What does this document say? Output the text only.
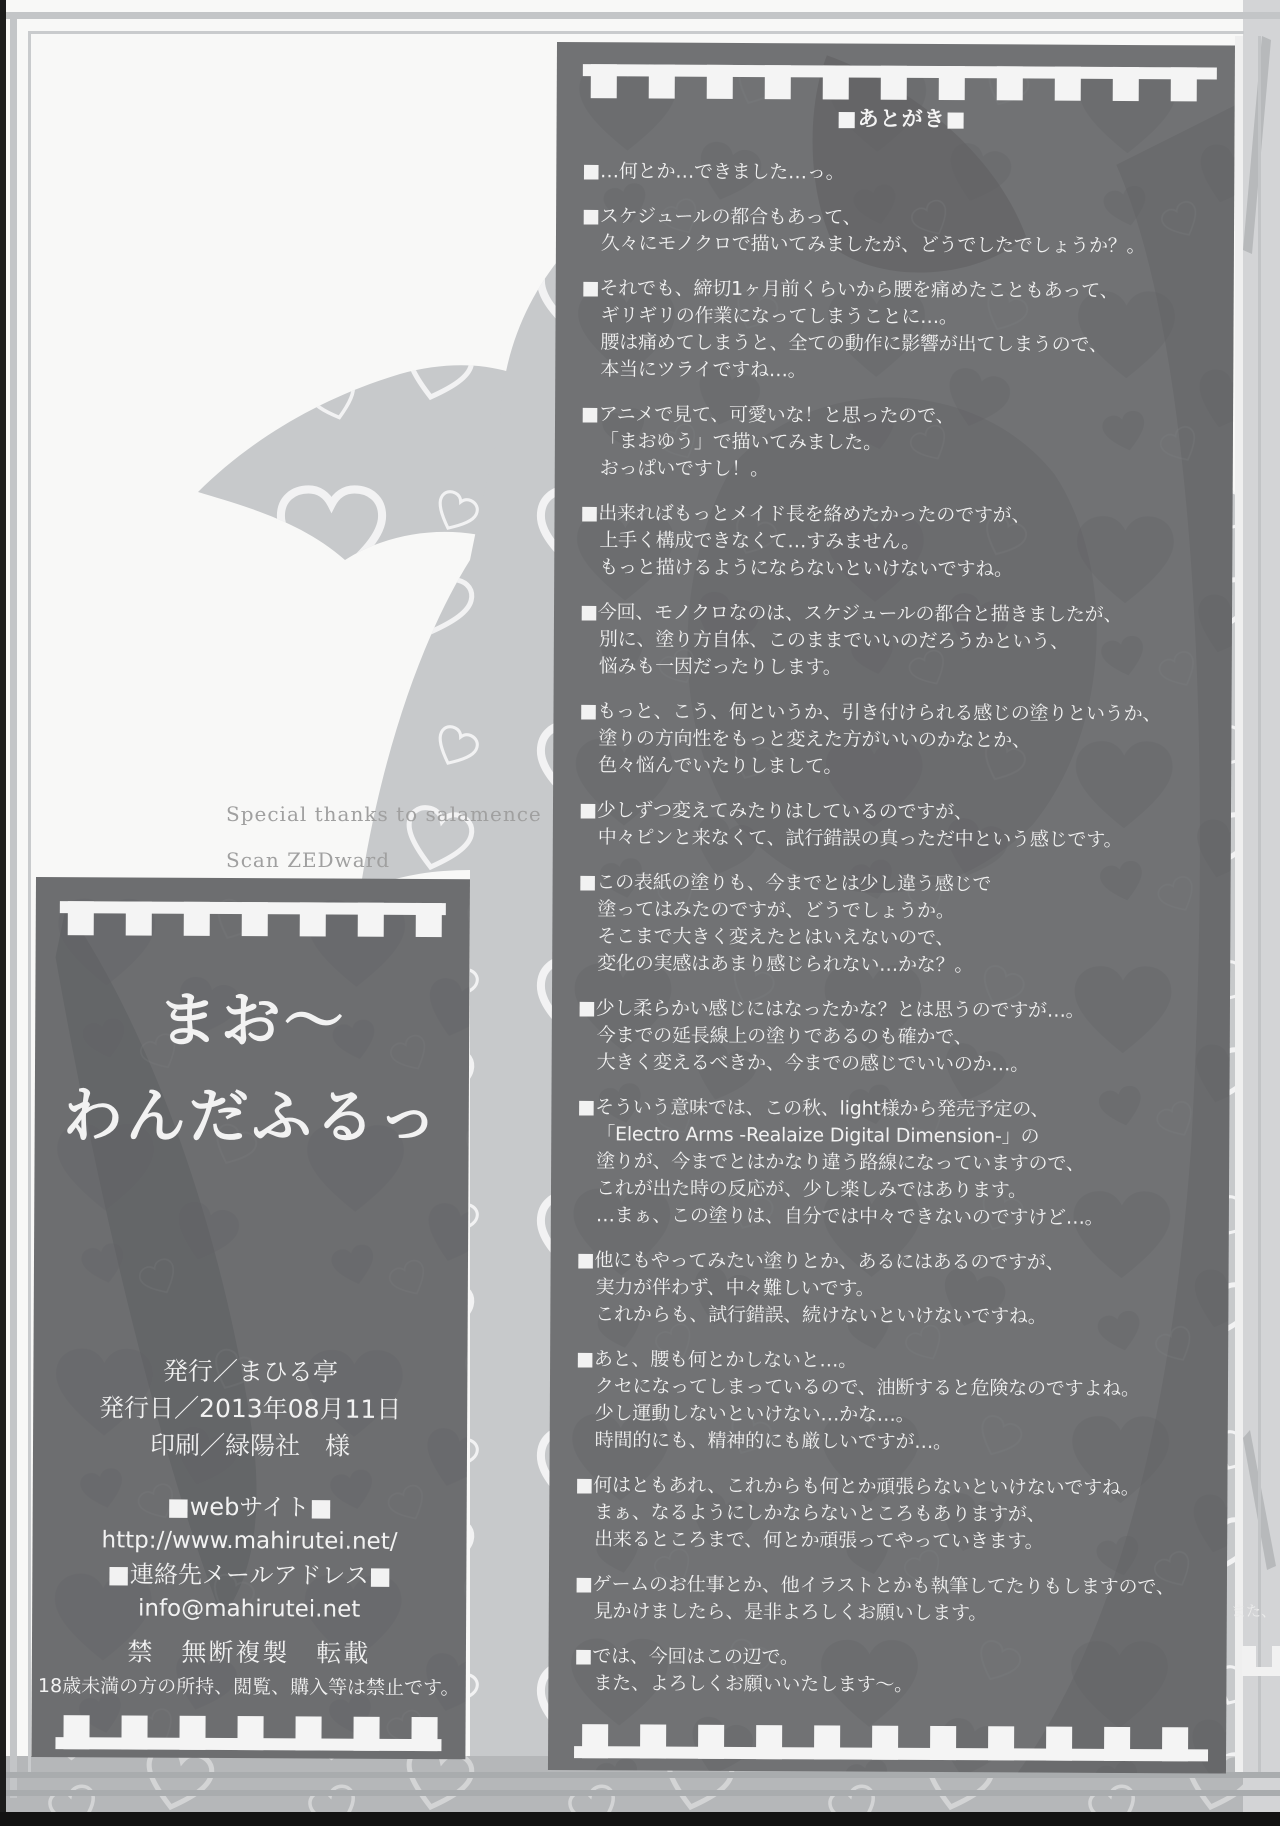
Special thanks to salamence
Scan ZEDward
また、
■あとがき■

■…何とか…できました…っ。

■スケジュールの都合もあって、
久々にモノクロで描いてみましたが、どうでしたでしょうか？。

■それでも、締切1ヶ月前くらいから腰を痛めたこともあって、
ギリギリの作業になってしまうことに…。
腰は痛めてしまうと、全ての動作に影響が出てしまうので、
本当にツライですね…。

■アニメで見て、可愛いな！と思ったので、
「まおゆう」で描いてみました。
おっぱいですし！。

■出来ればもっとメイド長を絡めたかったのですが、
上手く構成できなくて…すみません。
もっと描けるようにならないといけないですね。

■今回、モノクロなのは、スケジュールの都合と描きましたが、
別に、塗り方自体、このままでいいのだろうかという、
悩みも一因だったりします。

■もっと、こう、何というか、引き付けられる感じの塗りというか、
塗りの方向性をもっと変えた方がいいのかなとか、
色々悩んでいたりしまして。

■少しずつ変えてみたりはしているのですが、
中々ピンと来なくて、試行錯誤の真っただ中という感じです。

■この表紙の塗りも、今までとは少し違う感じで
塗ってはみたのですが、どうでしょうか。
そこまで大きく変えたとはいえないので、
変化の実感はあまり感じられない…かな？。

■少し柔らかい感じにはなったかな？とは思うのですが…。
今までの延長線上の塗りであるのも確かで、
大きく変えるべきか、今までの感じでいいのか…。

■そういう意味では、この秋、light様から発売予定の、
「Electro Arms -Realaize Digital Dimension-」の
塗りが、今までとはかなり違う路線になっていますので、
これが出た時の反応が、少し楽しみではあります。
…まぁ、この塗りは、自分では中々できないのですけど…。

■他にもやってみたい塗りとか、あるにはあるのですが、
実力が伴わず、中々難しいです。
これからも、試行錯誤、続けないといけないですね。

■あと、腰も何とかしないと…。
クセになってしまっているので、油断すると危険なのですよね。
少し運動しないといけない…かな…。
時間的にも、精神的にも厳しいですが…。

■何はともあれ、これからも何とか頑張らないといけないですね。
まぁ、なるようにしかならないところもありますが、
出来るところまで、何とか頑張ってやっていきます。

■ゲームのお仕事とか、他イラストとかも執筆してたりもしますので、
見かけましたら、是非よろしくお願いします。

■では、今回はこの辺で。
また、よろしくお願いいたします〜。

まお〜
わんだふるっ
発行／まひる亭
発行日／2013年08月11日
印刷／緑陽社　様
■webサイト■
http://www.mahirutei.net/
■連絡先メールアドレス■
info@mahirutei.net
禁　無断複製　転載
18歳未満の方の所持、閲覧、購入等は禁止です。
